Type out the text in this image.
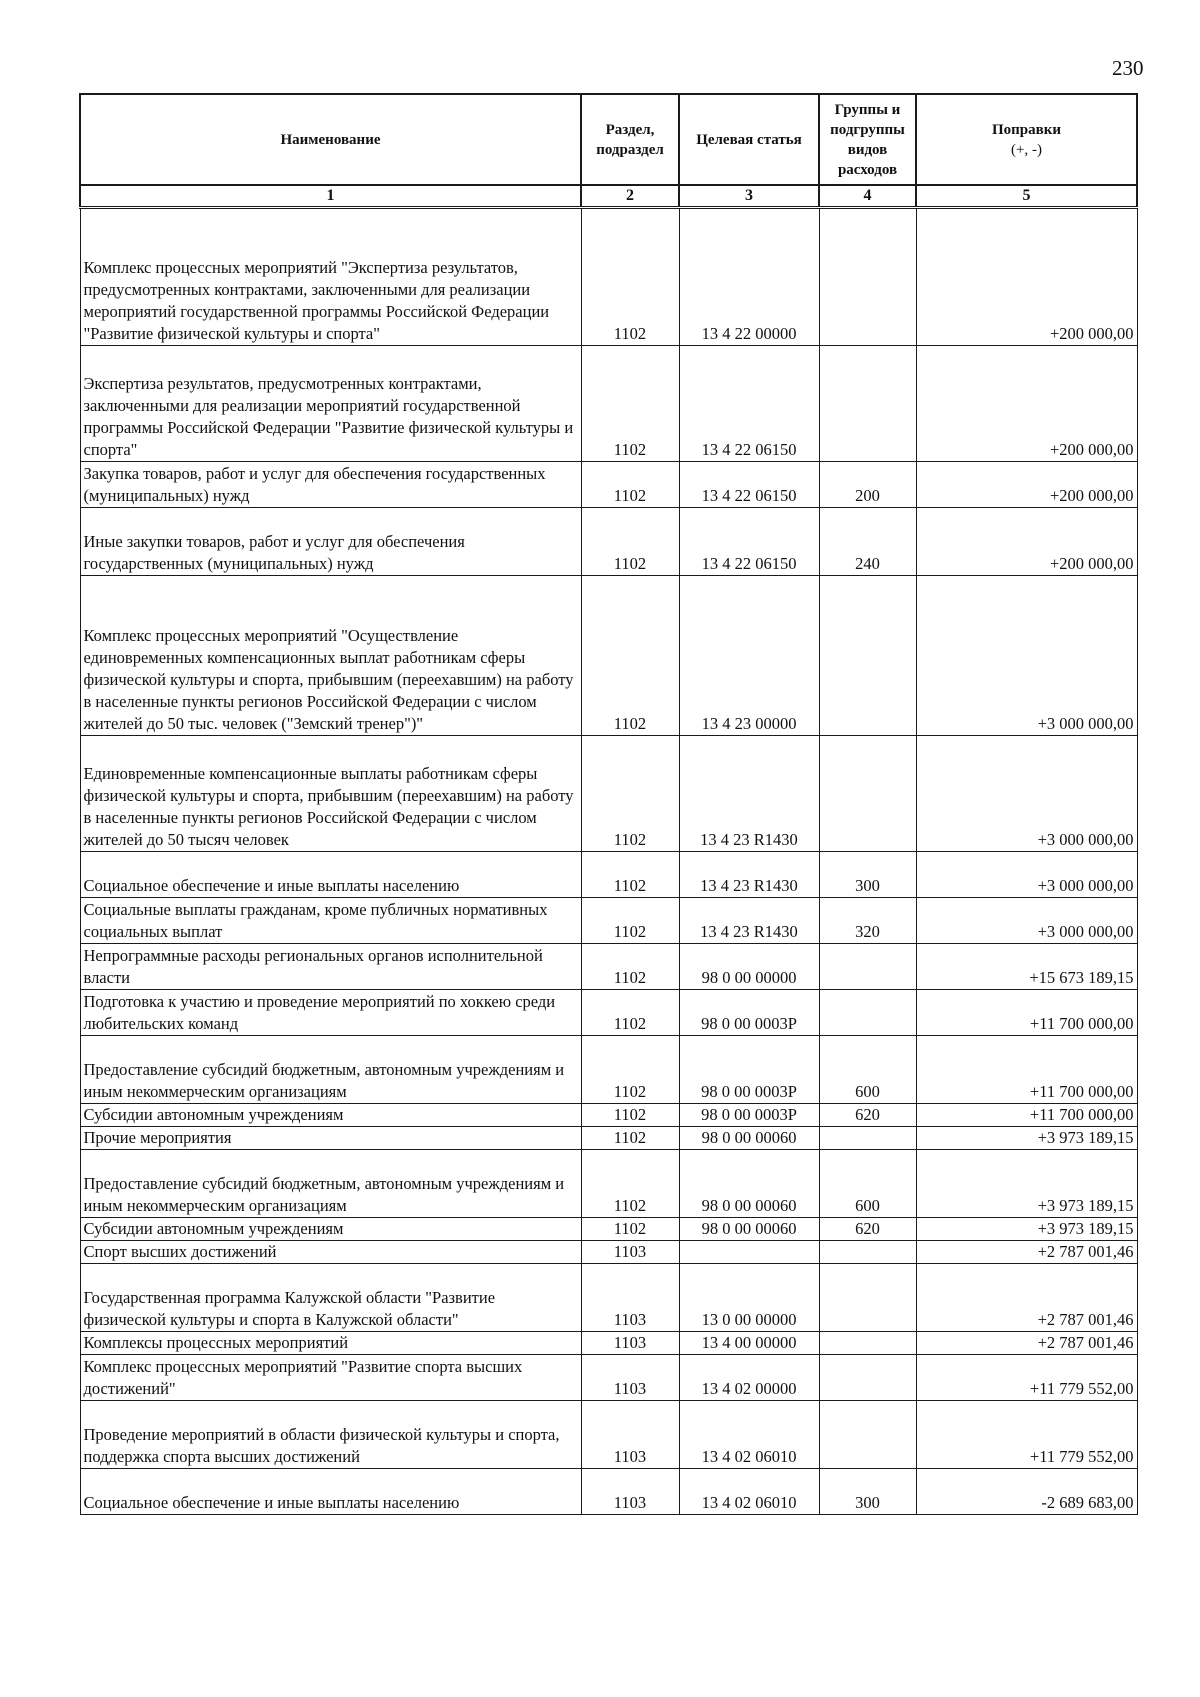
230
Наименование	Раздел, подраздел	Целевая статья	Группы и подгруппы видов расходов	Поправки
(+, -)

1	2	3	4	5
Комплекс процессных мероприятий "Экспертиза результатов, предусмотренных контрактами, заключенными для реализации мероприятий государственной программы Российской Федерации "Развитие физической культуры и спорта"	1102	13 4 22 00000		+200 000,00
Экспертиза результатов, предусмотренных контрактами, заключенными для реализации мероприятий государственной программы Российской Федерации "Развитие физической культуры и спорта"	1102	13 4 22 06150		+200 000,00
Закупка товаров, работ и услуг для обеспечения государственных (муниципальных) нужд	1102	13 4 22 06150	200	+200 000,00
Иные закупки товаров, работ и услуг для обеспечения государственных (муниципальных) нужд	1102	13 4 22 06150	240	+200 000,00
Комплекс процессных мероприятий "Осуществление единовременных компенсационных выплат работникам сферы физической культуры и спорта, прибывшим (переехавшим) на работу в населенные пункты регионов Российской Федерации с числом жителей до 50 тыс. человек ("Земский тренер")"	1102	13 4 23 00000		+3 000 000,00
Единовременные компенсационные выплаты работникам сферы физической культуры и спорта, прибывшим (переехавшим) на работу в населенные пункты регионов Российской Федерации с числом жителей до 50 тысяч человек	1102	13 4 23 R1430		+3 000 000,00
Социальное обеспечение и иные выплаты населению	1102	13 4 23 R1430	300	+3 000 000,00
Социальные выплаты гражданам, кроме публичных нормативных социальных выплат	1102	13 4 23 R1430	320	+3 000 000,00
Непрограммные расходы региональных органов исполнительной власти	1102	98 0 00 00000		+15 673 189,15
Подготовка к участию и проведение мероприятий по хоккею среди любительских команд	1102	98 0 00 0003P		+11 700 000,00
Предоставление субсидий бюджетным, автономным учреждениям и иным некоммерческим организациям	1102	98 0 00 0003P	600	+11 700 000,00
Субсидии автономным учреждениям	1102	98 0 00 0003P	620	+11 700 000,00
Прочие мероприятия	1102	98 0 00 00060		+3 973 189,15
Предоставление субсидий бюджетным, автономным учреждениям и иным некоммерческим организациям	1102	98 0 00 00060	600	+3 973 189,15
Субсидии автономным учреждениям	1102	98 0 00 00060	620	+3 973 189,15
Спорт высших достижений	1103			+2 787 001,46
Государственная программа Калужской области "Развитие физической культуры и спорта в Калужской области"	1103	13 0 00 00000		+2 787 001,46
Комплексы процессных мероприятий	1103	13 4 00 00000		+2 787 001,46
Комплекс процессных мероприятий "Развитие спорта высших достижений"	1103	13 4 02 00000		+11 779 552,00
Проведение мероприятий в области физической культуры и спорта, поддержка спорта высших достижений	1103	13 4 02 06010		+11 779 552,00
Социальное обеспечение и иные выплаты населению	1103	13 4 02 06010	300	-2 689 683,00
